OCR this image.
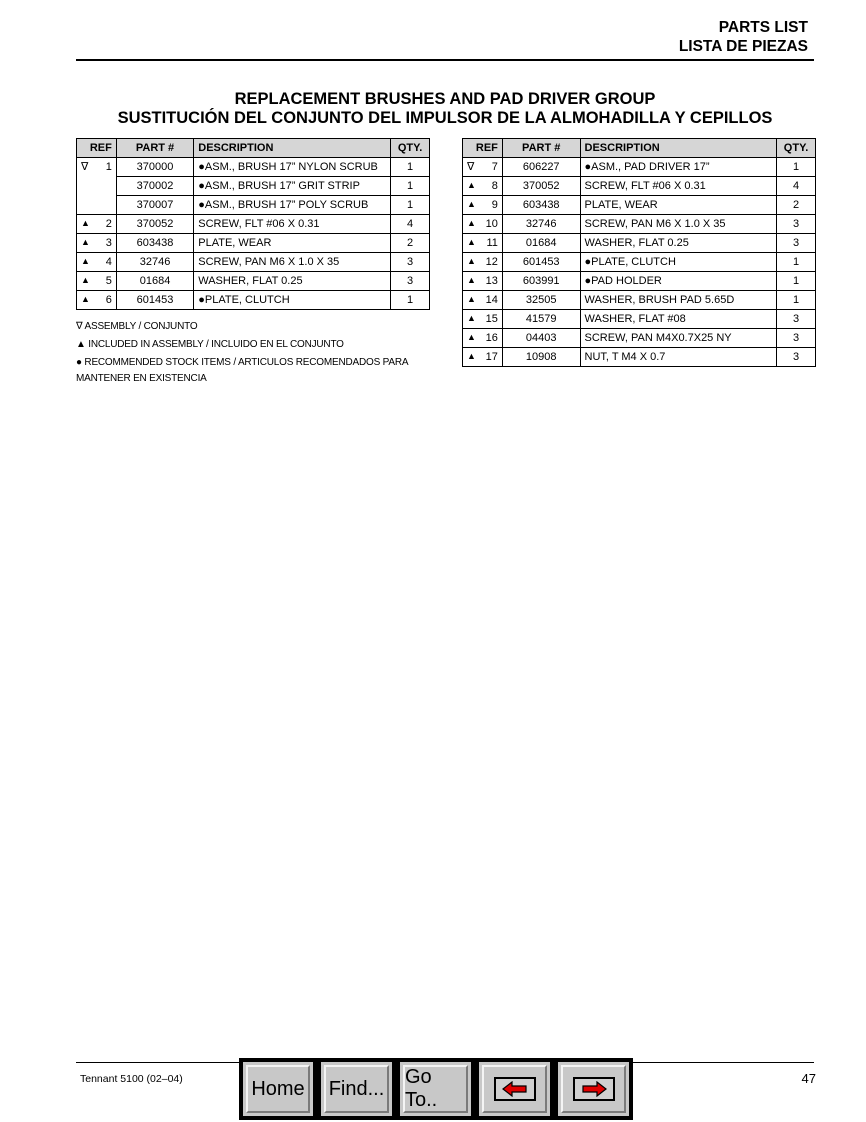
PARTS LIST
LISTA DE PIEZAS
REPLACEMENT BRUSHES AND PAD DRIVER GROUP
SUSTITUCIÓN DEL CONJUNTO DEL IMPULSOR DE LA ALMOHADILLA Y CEPILLOS
REF	PART #	DESCRIPTION	QTY.

∇ 1	370000	●ASM., BRUSH 17” NYLON SCRUB	1

	370002	●ASM., BRUSH 17” GRIT STRIP	1

	370007	●ASM., BRUSH 17” POLY SCRUB	1

▲ 2	370052	SCREW, FLT #06 X 0.31	4

▲ 3	603438	PLATE, WEAR	2

▲ 4	32746	SCREW, PAN M6 X 1.0 X 35	3

▲ 5	01684	WASHER, FLAT 0.25	3

▲ 6	601453	●PLATE, CLUTCH	1
REF	PART #	DESCRIPTION	QTY.

∇ 7	606227	●ASM., PAD DRIVER 17”	1

▲ 8	370052	SCREW, FLT #06 X 0.31	4

▲ 9	603438	PLATE, WEAR	2

▲ 10	32746	SCREW, PAN M6 X 1.0 X 35	3

▲ 11	01684	WASHER, FLAT 0.25	3

▲ 12	601453	●PLATE, CLUTCH	1

▲ 13	603991	●PAD HOLDER	1

▲ 14	32505	WASHER, BRUSH PAD 5.65D	1

▲ 15	41579	WASHER, FLAT #08	3

▲ 16	04403	SCREW, PAN M4X0.7X25 NY	3

▲ 17	10908	NUT, T M4 X 0.7	3
∇ ASSEMBLY / CONJUNTO
▲ INCLUDED IN ASSEMBLY / INCLUIDO EN EL CONJUNTO
● RECOMMENDED STOCK ITEMS / ARTICULOS RECOMENDADOS PARA
MANTENER EN EXISTENCIA
Tennant 5100 (02–04)	47
Home Find...
Go To..
